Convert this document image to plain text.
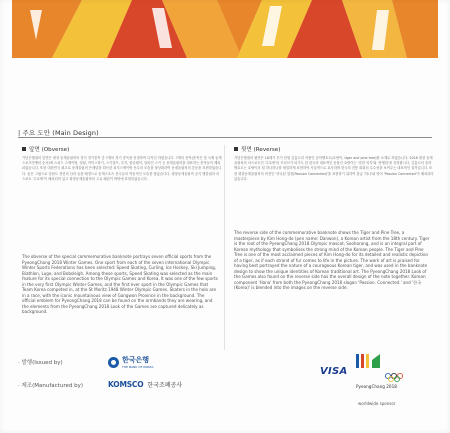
| 주요 도안 (Main Design)
앞면 (Obverse)
기념은행권의 앞면은 평창 동계올림픽의 정식 경기종목 중 7개의 경기 종목을 선정하여 디자인 하였습니다. 7개의 종목(종목은 첫 국제 동계스포츠연맹의 순서)에 스피드 스케이팅, 컬링, 아이스하키, 스키점프, 루지, 봅슬레이, 알파인 스키 등 동계올림픽을 대표하는 종목들이 배치되었습니다. 또한 대한민국 최초로 동계올림픽 은메달을 획득한 피겨스케이팅 선수의 모습을 형상화하여 동계올림픽의 감동을 표현하였습니다. 숨은 그림으로 강원도 정선의 산과 들을 배경으로 동계스포츠 선수들의 역동적인 모습을 담았습니다. 평창동계올림픽 공식 엠블럼과 마스코트 '수호랑'이 배치되어 있고 평창동계올림픽의 고유 패턴이 바탕에 표현되었습니다.
뒷면 (Reverse)
기념은행권의 뒷면은 18세기 후기 단원 김홍도의 작품인 송하맹호도(호랑이, tiger and pine tree)를 소재로 하였습니다. 2018 평창 동계올림픽의 마스코트인 '수호랑'의 모티브가 되기도 한 한국의 대표적인 동물인 호랑이는 '강한 의지'와 '용맹함'을 상징합니다. 김홍도의 송하맹호도는 호랑이의 털 하나하나를 세밀하게 표현하여 사실적으로 묘사하며 한국의 전통 회화의 우수성을 보여주는 대표적인 걸작입니다. 또한 평창동계올림픽의 비전인 '하나된 열정(Passion Connected)'을 표현하기 위하여 한글 '하나'와 영어 'Passion Connected'가 배치되어 있습니다.
The obverse of the special commemorative banknote portrays seven official sports from the PyeongChang 2018 Winter Games. One sport from each of the seven international Olympic Winter Sports Federations has been selected: Speed Skating, Curling, Ice Hockey, Ski Jumping, Biathlon, Luge, and Bobsleigh. Among these sports, Speed Skating was selected as the main feature for its special connection to the Olympic Games and Korea. It was one of the few sports in the very first Olympic Winter Games, and the first ever sport in the Olympic Games that Team Korea competed in, at the St Moritz 1948 Winter Olympic Games. Skaters in the holo are in a race, with the iconic mountainous view of Gangwon Province in the background. The official emblem for PyeongChang 2018 can be found on the armbands they are wearing, and the elements from the PyeongChang 2018 Look of the Games are captured delicately as background.
The reverse side of the commemorative banknote shows the Tiger and Pine Tree, a masterpiece by Kim Hong-do (pen name: Danwon), a Korean artist from the 18th century. Tiger is the root of the PyeongChang 2018 Olympic mascot, Soohorang, and is an integral part of Korean mythology that symbolises the strong mind of the Korean people. The Tiger and Pine Tree is one of the most acclaimed pieces of Kim Hong-do for its detailed and realistic depiction of a tiger, as if each strand of fur comes to life in the picture. The work of art is praised for having best portrayed the nature of a courageous Korean tiger, and was used in the banknote design to show the unique identities of Korean traditional art. The PyeongChang 2018 Look of the Games also found on the reverse side has the overall design of the note together. Korean component 'Hana' from both the PyeongChang 2018 slogan 'Passion. Connected.' and '한국(Korea)' is blended into the images on the reverse side.
· 발행(Issued by)	한국은행
THE BANK OF KOREA
· 제조(Manufactured by)	KOMSCO 한국조폐공사
VISA
PyeongChang 2018
worldwide sponsor
